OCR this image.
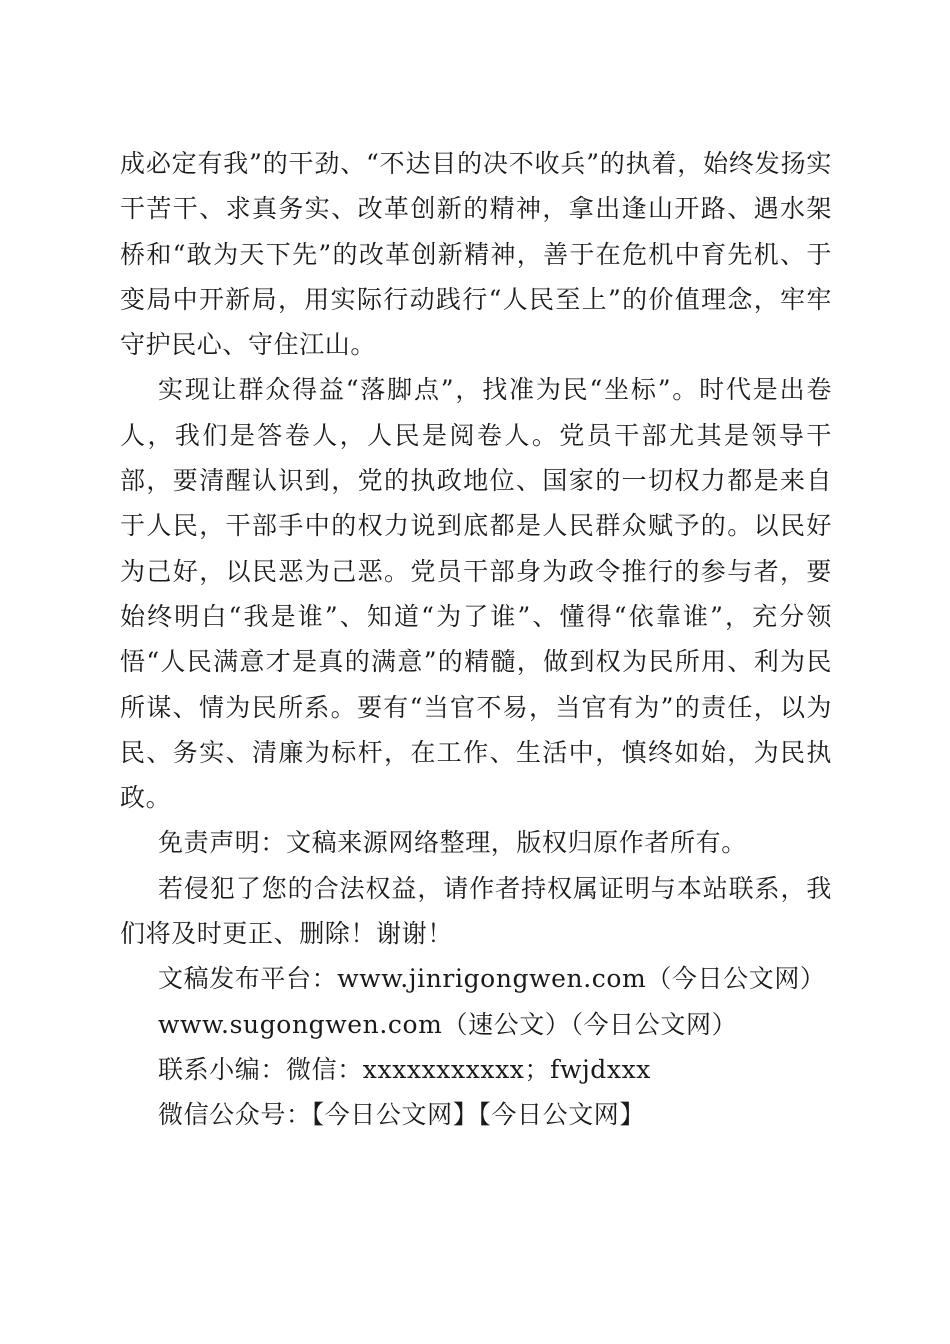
成必定有我”的干劲、“不达目的决不收兵”的执着，始终发扬实干苦干、求真务实、改革创新的精神，拿出逢山开路、遇水架桥和“敢为天下先”的改革创新精神，善于在危机中育先机、于变局中开新局，用实际行动践行“人民至上”的价值理念，牢牢守护民心、守住江山。

实现让群众得益“落脚点”，找准为民“坐标”。时代是出卷人，我们是答卷人，人民是阅卷人。党员干部尤其是领导干部，要清醒认识到，党的执政地位、国家的一切权力都是来自于人民，干部手中的权力说到底都是人民群众赋予的。以民好为己好，以民恶为己恶。党员干部身为政令推行的参与者，要始终明白“我是谁”、知道“为了谁”、懂得“依靠谁”，充分领悟“人民满意才是真的满意”的精髓，做到权为民所用、利为民所谋、情为民所系。要有“当官不易，当官有为”的责任，以为民、务实、清廉为标杆，在工作、生活中，慎终如始，为民执政。

免责声明：文稿来源网络整理，版权归原作者所有。

若侵犯了您的合法权益，请作者持权属证明与本站联系，我们将及时更正、删除！谢谢！

文稿发布平台：www.jinrigongwen.com（今日公文网）

www.sugongwen.com（速公文）（今日公文网）

联系小编：微信：xxxxxxxxxxx；fwjdxxx

微信公众号：【今日公文网】【今日公文网】
